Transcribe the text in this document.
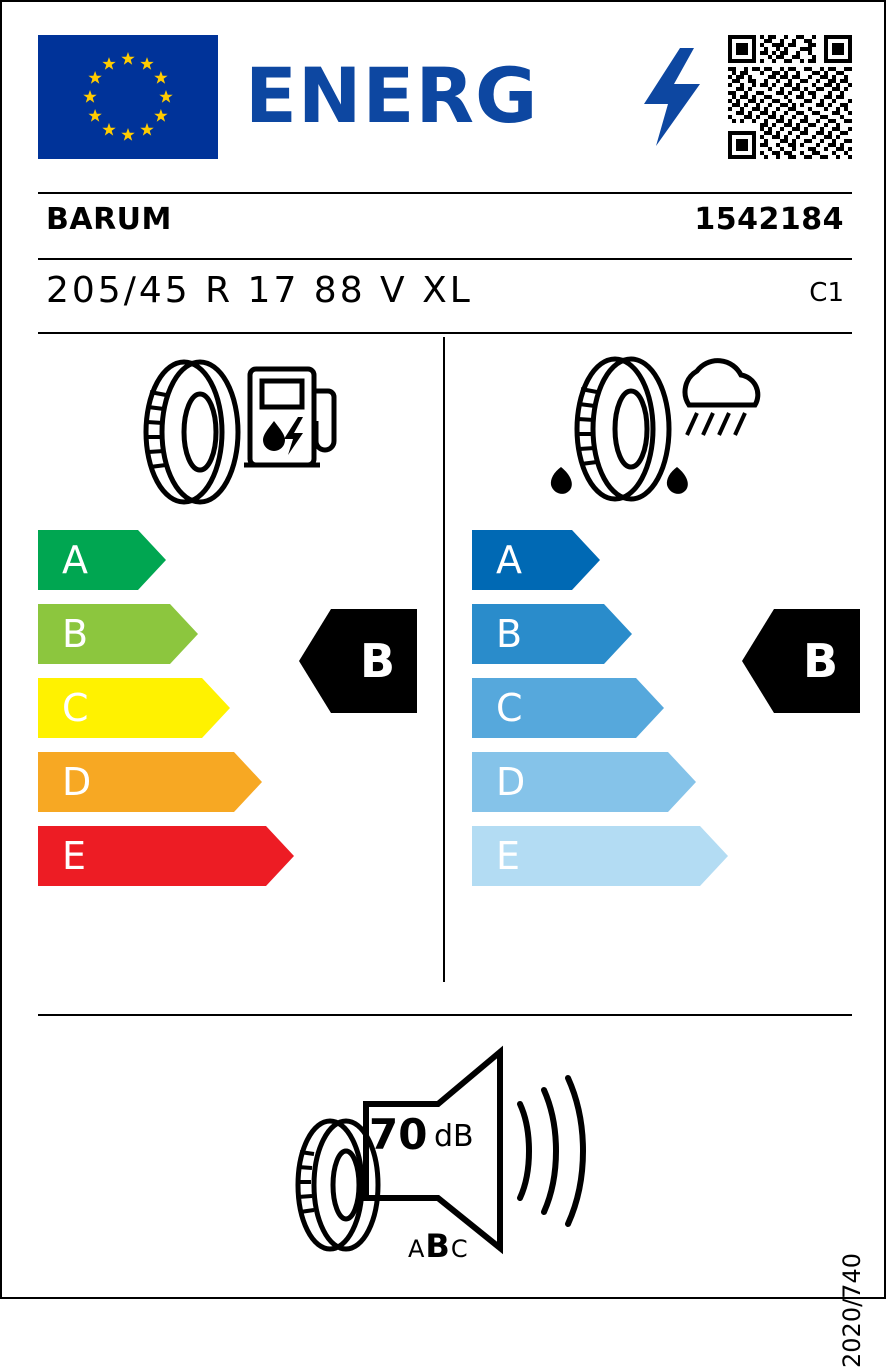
ENERG
BARUM	1542184
205/45 R 17 88 V XL	C1
A
B
C
D
E
A
B
C
D
E
B	B
70 dB
ABC
2020/740
